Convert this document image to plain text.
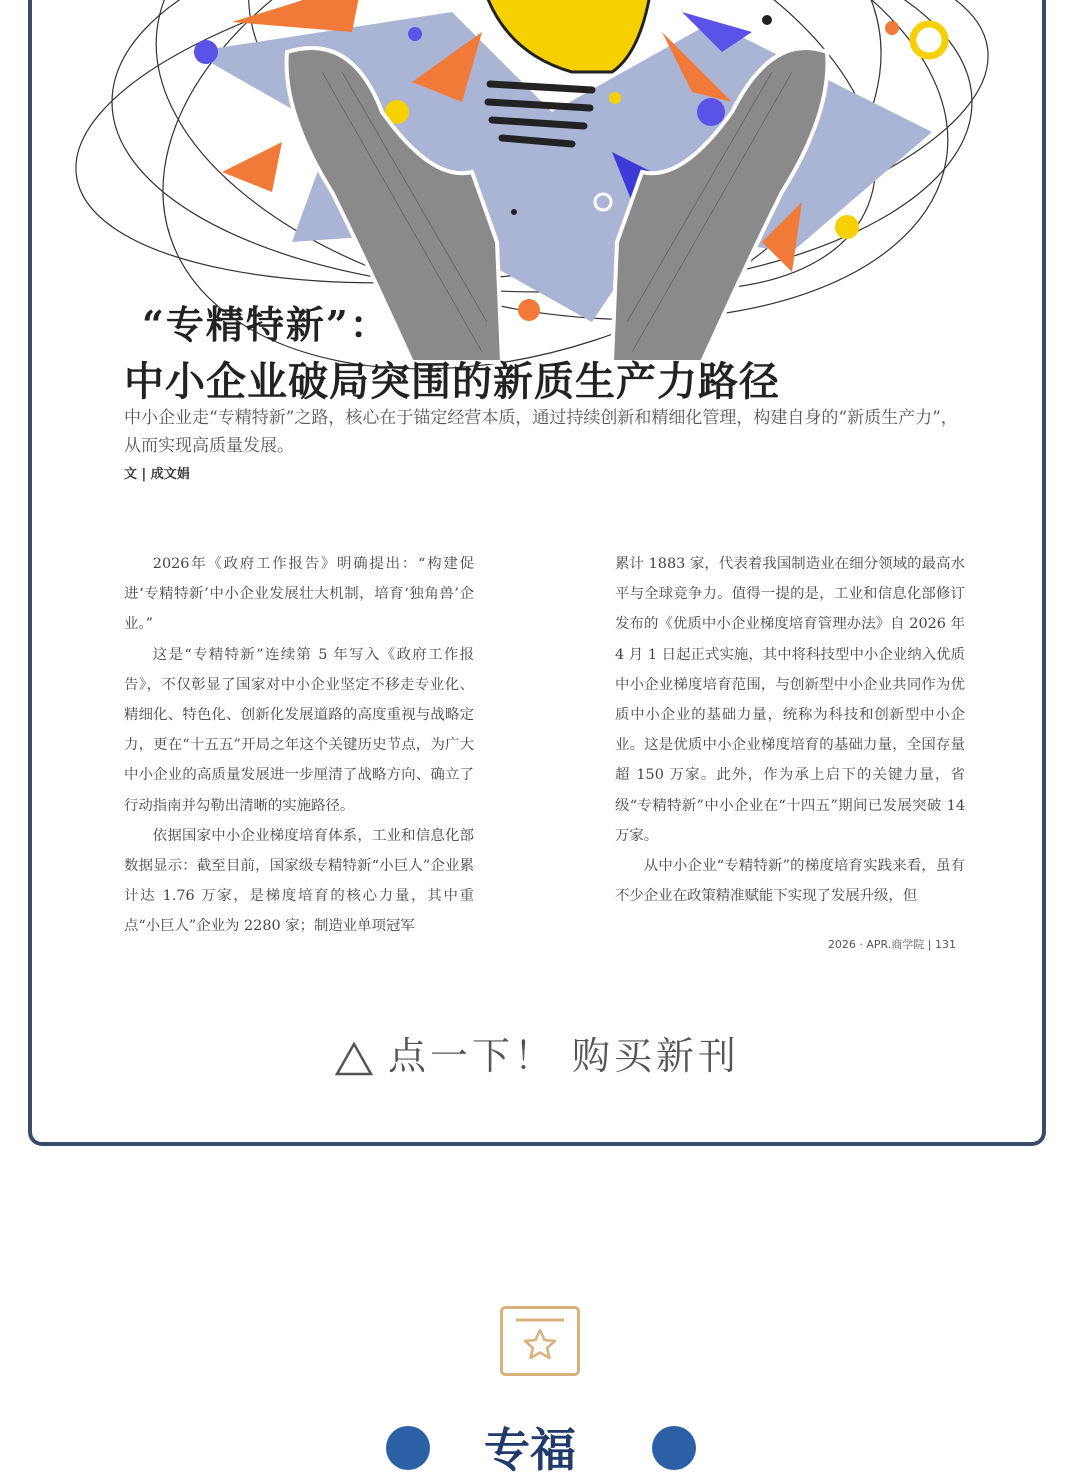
“专精特新”：
中小企业破局突围的新质生产力路径
中小企业走“专精特新”之路，核心在于锚定经营本质，通过持续创新和精细化管理，构建自身的“新质生产力”，从而实现高质量发展。
文 | 成文娟

2026年《政府工作报告》明确提出：“构建促进‘专精特新’中小企业发展壮大机制，培育‘独角兽’企业。”

这是“专精特新”连续第 5 年写入《政府工作报告》，不仅彰显了国家对中小企业坚定不移走专业化、精细化、特色化、创新化发展道路的高度重视与战略定力，更在“十五五”开局之年这个关键历史节点，为广大中小企业的高质量发展进一步厘清了战略方向、确立了行动指南并勾勒出清晰的实施路径。

依据国家中小企业梯度培育体系，工业和信息化部数据显示：截至目前，国家级专精特新“小巨人”企业累计达 1.76 万家，是梯度培育的核心力量，其中重点“小巨人”企业为 2280 家；制造业单项冠军

累计 1883 家，代表着我国制造业在细分领域的最高水平与全球竞争力。值得一提的是，工业和信息化部修订发布的《优质中小企业梯度培育管理办法》自 2026 年 4 月 1 日起正式实施，其中将科技型中小企业纳入优质中小企业梯度培育范围，与创新型中小企业共同作为优质中小企业的基础力量，统称为科技和创新型中小企业。这是优质中小企业梯度培育的基础力量，全国存量超 150 万家。此外，作为承上启下的关键力量，省级“专精特新”中小企业在“十四五”期间已发展突破 14 万家。

从中小企业“专精特新”的梯度培育实践来看，虽有不少企业在政策精准赋能下实现了发展升级，但

2026 · APR.商学院 | 131
点一下！ 购买新刊
专福
